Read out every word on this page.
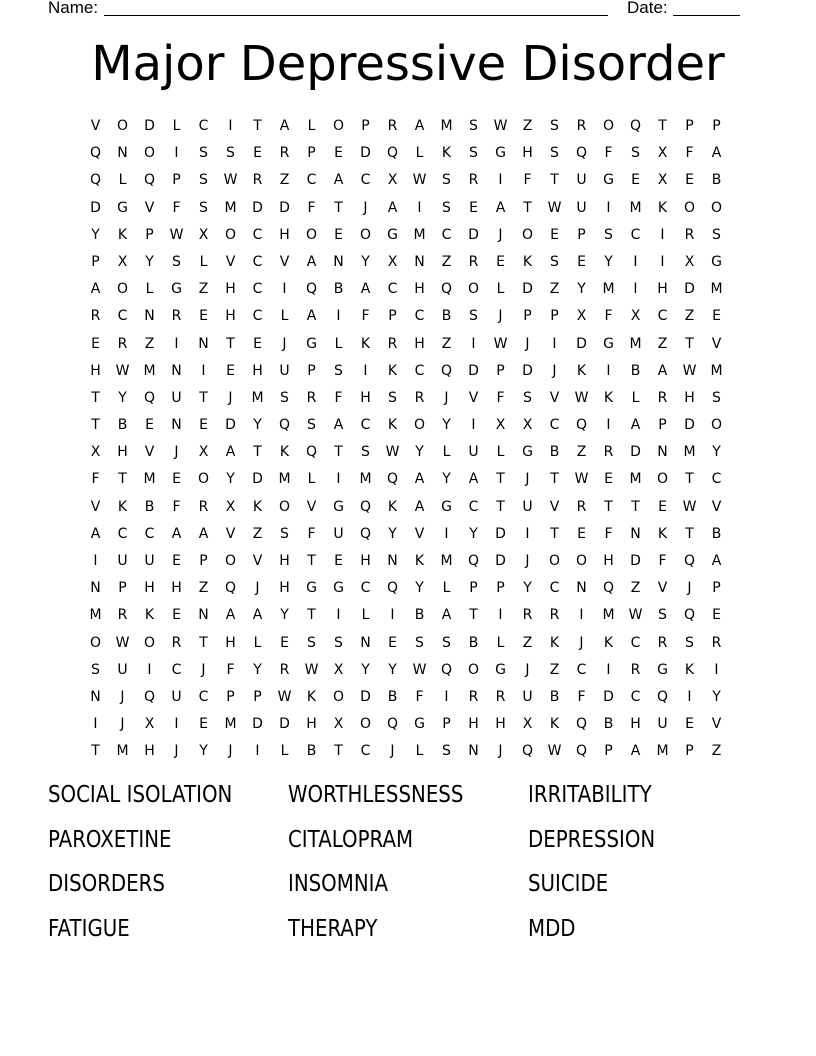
Name:	Date:
Major Depressive Disorder
V	O	D	L	C	I	T	A	L	O	P	R	A	M	S	W	Z	S	R	O	Q	T	P	P
Q	N	O	I	S	S	E	R	P	E	D	Q	L	K	S	G	H	S	Q	F	S	X	F	A
Q	L	Q	P	S	W	R	Z	C	A	C	X	W	S	R	I	F	T	U	G	E	X	E	B
D	G	V	F	S	M	D	D	F	T	J	A	I	S	E	A	T	W	U	I	M	K	O	O
Y	K	P	W	X	O	C	H	O	E	O	G	M	C	D	J	O	E	P	S	C	I	R	S
P	X	Y	S	L	V	C	V	A	N	Y	X	N	Z	R	E	K	S	E	Y	I	I	X	G
A	O	L	G	Z	H	C	I	Q	B	A	C	H	Q	O	L	D	Z	Y	M	I	H	D	M
R	C	N	R	E	H	C	L	A	I	F	P	C	B	S	J	P	P	X	F	X	C	Z	E
E	R	Z	I	N	T	E	J	G	L	K	R	H	Z	I	W	J	I	D	G	M	Z	T	V
H	W	M	N	I	E	H	U	P	S	I	K	C	Q	D	P	D	J	K	I	B	A	W	M
T	Y	Q	U	T	J	M	S	R	F	H	S	R	J	V	F	S	V	W	K	L	R	H	S
T	B	E	N	E	D	Y	Q	S	A	C	K	O	Y	I	X	X	C	Q	I	A	P	D	O
X	H	V	J	X	A	T	K	Q	T	S	W	Y	L	U	L	G	B	Z	R	D	N	M	Y
F	T	M	E	O	Y	D	M	L	I	M	Q	A	Y	A	T	J	T	W	E	M	O	T	C
V	K	B	F	R	X	K	O	V	G	Q	K	A	G	C	T	U	V	R	T	T	E	W	V
A	C	C	A	A	V	Z	S	F	U	Q	Y	V	I	Y	D	I	T	E	F	N	K	T	B
I	U	U	E	P	O	V	H	T	E	H	N	K	M	Q	D	J	O	O	H	D	F	Q	A
N	P	H	H	Z	Q	J	H	G	G	C	Q	Y	L	P	P	Y	C	N	Q	Z	V	J	P
M	R	K	E	N	A	A	Y	T	I	L	I	B	A	T	I	R	R	I	M	W	S	Q	E
O	W	O	R	T	H	L	E	S	S	N	E	S	S	B	L	Z	K	J	K	C	R	S	R
S	U	I	C	J	F	Y	R	W	X	Y	Y	W	Q	O	G	J	Z	C	I	R	G	K	I
N	J	Q	U	C	P	P	W	K	O	D	B	F	I	R	R	U	B	F	D	C	Q	I	Y
I	J	X	I	E	M	D	D	H	X	O	Q	G	P	H	H	X	K	Q	B	H	U	E	V
T	M	H	J	Y	J	I	L	B	T	C	J	L	S	N	J	Q	W	Q	P	A	M	P	Z
SOCIAL ISOLATION	WORTHLESSNESS	IRRITABILITY
PAROXETINE	CITALOPRAM	DEPRESSION
DISORDERS	INSOMNIA	SUICIDE
FATIGUE	THERAPY	MDD
